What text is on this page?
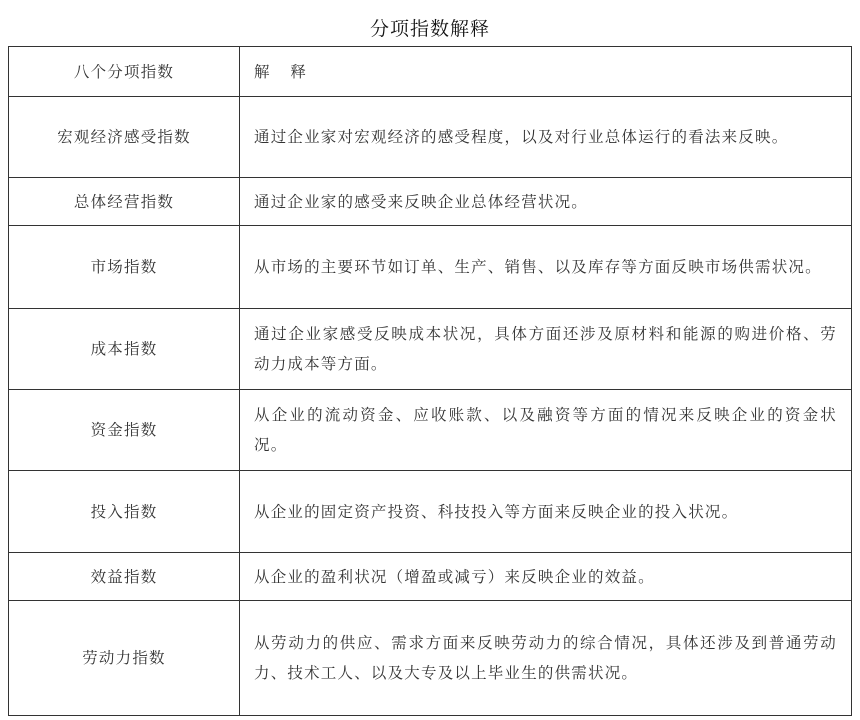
分项指数解释
八个分项指数	解 释
宏观经济感受指数	通过企业家对宏观经济的感受程度，以及对行业总体运行的看法来反映。
总体经营指数	通过企业家的感受来反映企业总体经营状况。
市场指数	从市场的主要环节如订单、生产、销售、以及库存等方面反映市场供需状况。
成本指数	通过企业家感受反映成本状况，具体方面还涉及原材料和能源的购进价格、劳动力成本等方面。
资金指数	从企业的流动资金、应收账款、以及融资等方面的情况来反映企业的资金状况。
投入指数	从企业的固定资产投资、科技投入等方面来反映企业的投入状况。
效益指数	从企业的盈利状况（增盈或减亏）来反映企业的效益。
劳动力指数	从劳动力的供应、需求方面来反映劳动力的综合情况，具体还涉及到普通劳动力、技术工人、以及大专及以上毕业生的供需状况。
